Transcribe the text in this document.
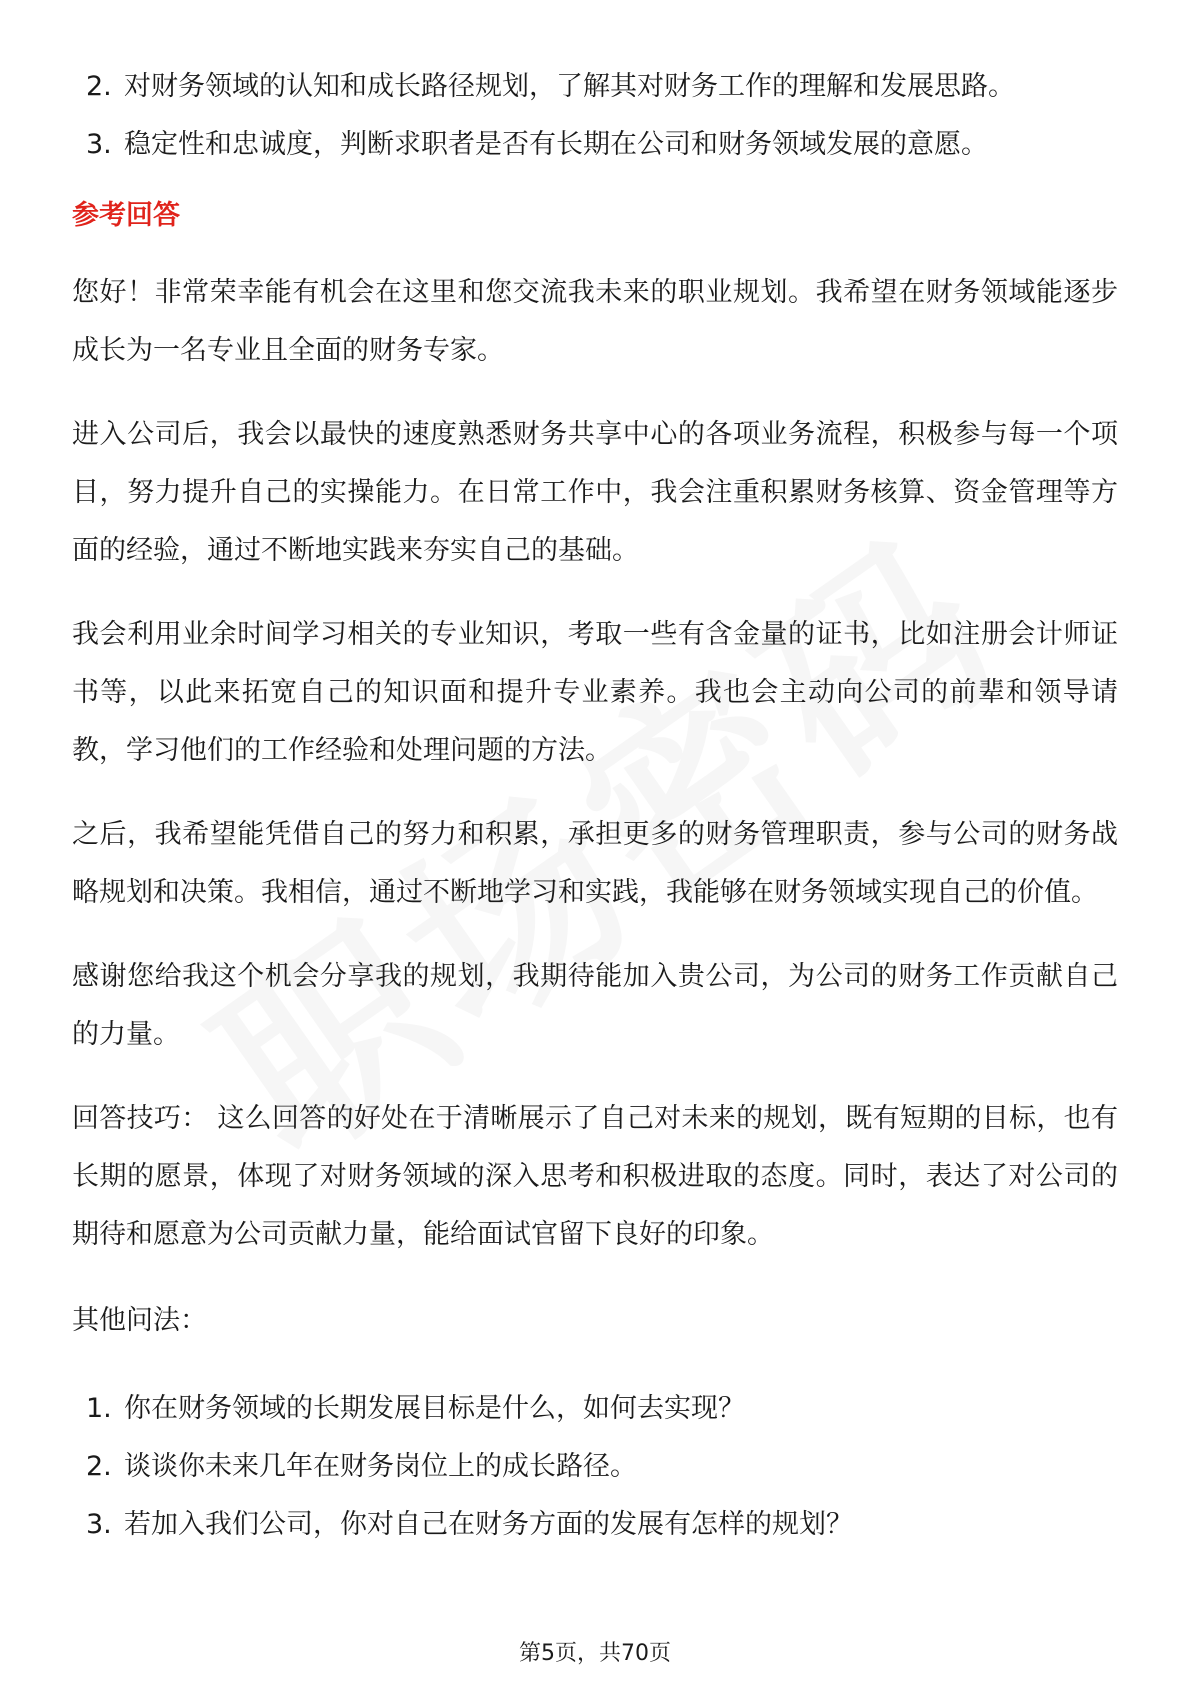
2. 对财务领域的认知和成长路径规划，了解其对财务工作的理解和发展思路。
3. 稳定性和忠诚度，判断求职者是否有长期在公司和财务领域发展的意愿。
参考回答

您好！非常荣幸能有机会在这里和您交流我未来的职业规划。我希望在财务领域能逐步成长为一名专业且全面的财务专家。

进入公司后，我会以最快的速度熟悉财务共享中心的各项业务流程，积极参与每一个项目，努力提升自己的实操能力。在日常工作中，我会注重积累财务核算、资金管理等方面的经验，通过不断地实践来夯实自己的基础。

我会利用业余时间学习相关的专业知识，考取一些有含金量的证书，比如注册会计师证书等，以此来拓宽自己的知识面和提升专业素养。我也会主动向公司的前辈和领导请教，学习他们的工作经验和处理问题的方法。

之后，我希望能凭借自己的努力和积累，承担更多的财务管理职责，参与公司的财务战略规划和决策。我相信，通过不断地学习和实践，我能够在财务领域实现自己的价值。

感谢您给我这个机会分享我的规划，我期待能加入贵公司，为公司的财务工作贡献自己的力量。

回答技巧： 这么回答的好处在于清晰展示了自己对未来的规划，既有短期的目标，也有长期的愿景，体现了对财务领域的深入思考和积极进取的态度。同时，表达了对公司的期待和愿意为公司贡献力量，能给面试官留下良好的印象。

其他问法：
1. 你在财务领域的长期发展目标是什么，如何去实现？
2. 谈谈你未来几年在财务岗位上的成长路径。
3. 若加入我们公司，你对自己在财务方面的发展有怎样的规划？
第5页，共70页
